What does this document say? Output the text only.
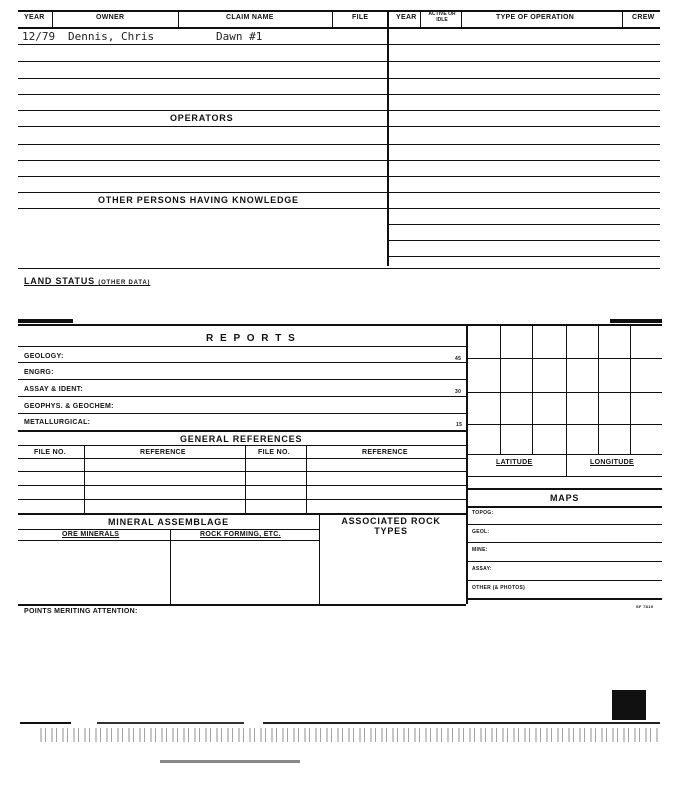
YEAR	OWNER	CLAIM NAME	FILE	YEAR	ACTIVE OR IDLE	TYPE OF OPERATION	CREW
12/79 Dennis, Chris	Dawn #1
OPERATORS
OTHER PERSONS HAVING KNOWLEDGE
LAND STATUS (OTHER DATA)
R E P O R T S
GEOLOGY:	45
ENGRG:
ASSAY & IDENT:	30
GEOPHYS. & GEOCHEM:
METALLURGICAL:	15
GENERAL REFERENCES
FILE NO.	REFERENCE	FILE NO.	REFERENCE
MINERAL ASSEMBLAGE	ASSOCIATED ROCK TYPES
ORE MINERALS	ROCK FORMING, ETC.
LATITUDE	LONGITUDE
MAPS
TOPOG:
GEOL:
MINE:
ASSAY:
OTHER (& PHOTOS)
POINTS MERITING ATTENTION:
SF 7819
